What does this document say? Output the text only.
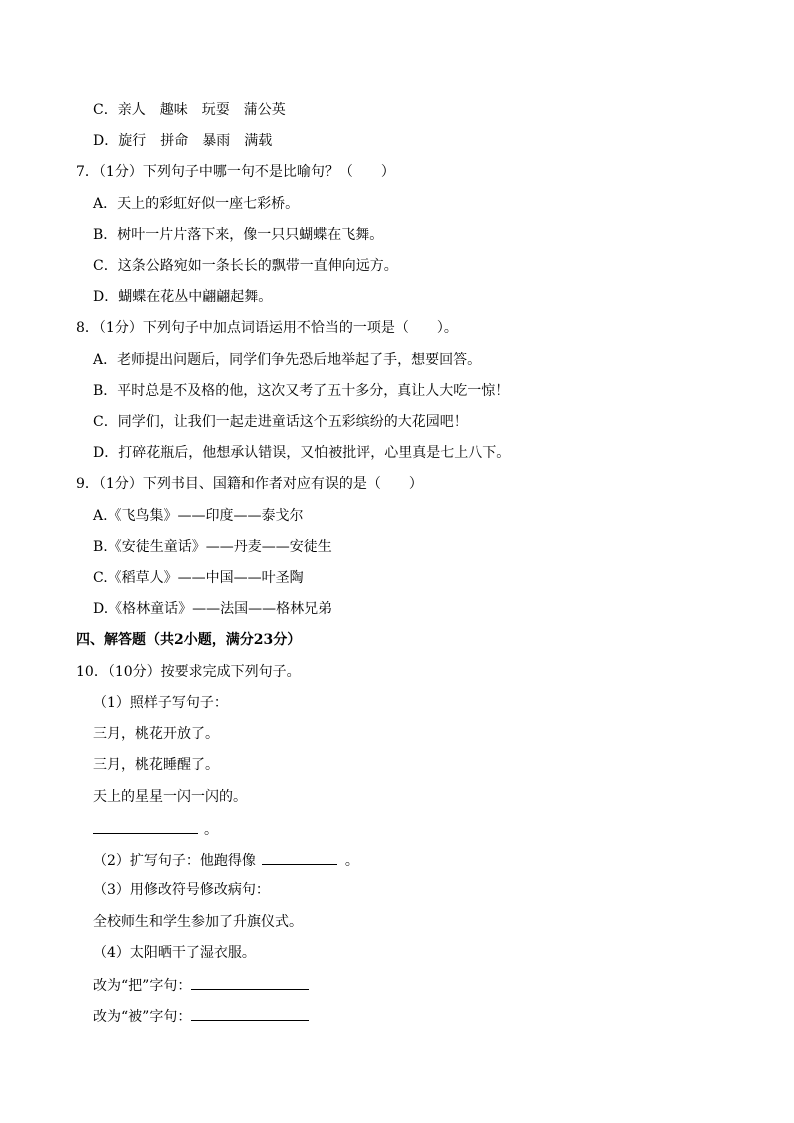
C．亲人　趣味　玩耍　蒲公英
D．旋行　拼命　暴雨　满载
7．（1分）下列句子中哪一句不是比喻句？（　　）
A．天上的彩虹好似一座七彩桥。
B．树叶一片片落下来，像一只只蝴蝶在飞舞。
C．这条公路宛如一条长长的飘带一直伸向远方。
D．蝴蝶在花丛中翩翩起舞。
8．（1分）下列句子中加点词语运用不恰当的一项是（　　）。
A．老师提出问题后，同学们争先恐后地举起了手，想要回答。
B．平时总是不及格的他，这次又考了五十多分，真让人大吃一惊！
C．同学们，让我们一起走进童话这个五彩缤纷的大花园吧！
D．打碎花瓶后，他想承认错误，又怕被批评，心里真是七上八下。
9．（1分）下列书目、国籍和作者对应有误的是（　　）
A.《飞鸟集》——印度——泰戈尔
B.《安徒生童话》——丹麦——安徒生
C.《稻草人》——中国——叶圣陶
D.《格林童话》——法国——格林兄弟
四、解答题（共2小题，满分23分）
10．（10分）按要求完成下列句子。
（1）照样子写句子：
三月，桃花开放了。
三月，桃花睡醒了。
天上的星星一闪一闪的。
。
（2）扩写句子：他跑得像	。
（3）用修改符号修改病句：
全校师生和学生参加了升旗仪式。
（4）太阳晒干了湿衣服。
改为“把”字句：
改为“被”字句：
